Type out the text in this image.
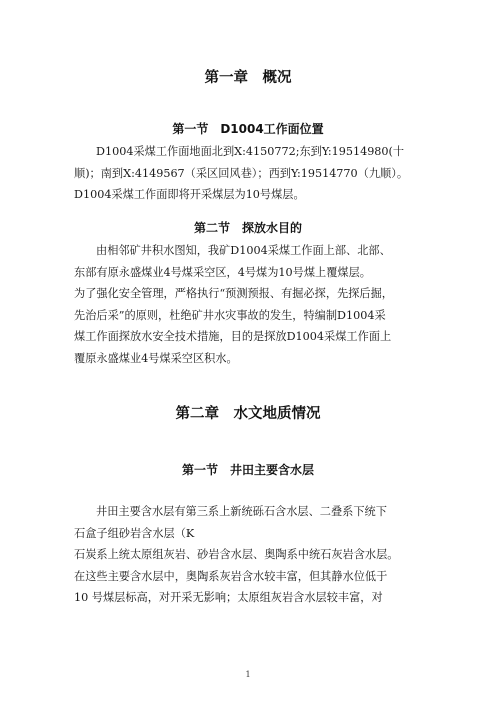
第一章　概况
第一节　D1004工作面位置
D1004采煤工作面地面北到X:4150772;东到Y:19514980(十
顺)；南到X:4149567（采区回风巷）；西到Y:19514770（九顺）。
D1004采煤工作面即将开采煤层为10号煤层。
第二节　探放水目的
由相邻矿井积水图知，我矿D1004采煤工作面上部、北部、
东部有原永盛煤业4号煤采空区，4号煤为10号煤上覆煤层。
为了强化安全管理，严格执行“预测预报、有掘必探，先探后掘，
先治后采”的原则，杜绝矿井水灾事故的发生，特编制D1004采
煤工作面探放水安全技术措施，目的是探放D1004采煤工作面上
覆原永盛煤业4号煤采空区积水。
第二章　水文地质情况
第一节　井田主要含水层
井田主要含水层有第三系上新统砾石含水层、二叠系下统下
石盒子组砂岩含水层（K
石炭系上统太原组灰岩、砂岩含水层、奥陶系中统石灰岩含水层。
在这些主要含水层中，奥陶系灰岩含水较丰富，但其静水位低于
10 号煤层标高，对开采无影响；太原组灰岩含水层较丰富，对
1
